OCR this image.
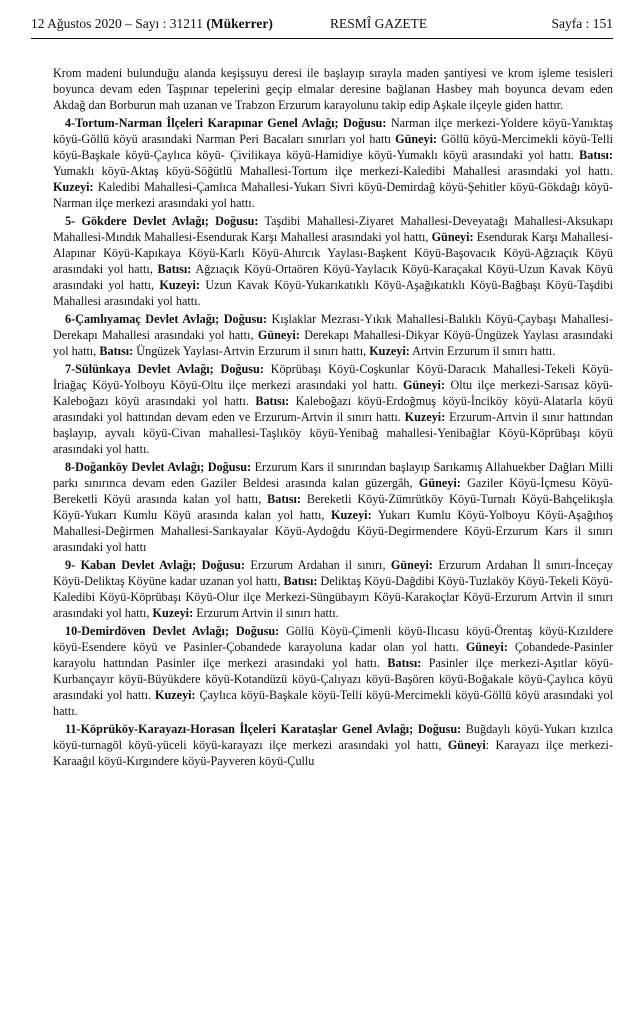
12 Ağustos 2020 – Sayı : 31211 (Mükerrer)	RESMÎ GAZETE	Sayfa : 151

Krom madeni bulunduğu alanda keşişsuyu deresi ile başlayıp sırayla maden şantiyesi ve krom işleme tesisleri boyunca devam eden Taşpınar tepelerini geçip elmalar deresine bağlanan Hasbey mah boyunca devam eden Akdağ dan Borburun mah uzanan ve Trabzon Erzurum karayolunu takip edip Aşkale ilçeyle giden hattır.

4-Tortum-Narman İlçeleri Karapınar Genel Avlağı; Doğusu: Narman ilçe merkezi-Yoldere köyü-Yanıktaş köyü-Göllü köyü arasındaki Narman Peri Bacaları sınırları yol hattı Güneyi: Göllü köyü-Mercimekli köyü-Telli köyü-Başkale köyü-Çaylıca köyü- Çivilikaya köyü-Hamidiye köyü-Yumaklı köyü arasındaki yol hattı. Batısı: Yumaklı köyü-Aktaş köyü-Söğütlü Mahallesi-Tortum ilçe merkezi-Kaledibi Mahallesi arasındaki yol hattı. Kuzeyi: Kaledibi Mahallesi-Çamlıca Mahallesi-Yukarı Sivri köyü-Demirdağ köyü-Şehitler köyü-Gökdağı köyü-Narman ilçe merkezi arasındaki yol hattı.

5- Gökdere Devlet Avlağı; Doğusu: Taşdibi Mahallesi-Ziyaret Mahallesi-Deveyatağı Mahallesi-Aksukapı Mahallesi-Mındık Mahallesi-Esendurak Karşı Mahallesi arasındaki yol hattı, Güneyi: Esendurak Karşı Mahallesi-Alapınar Köyü-Kapıkaya Köyü-Karlı Köyü-Ahırcık Yaylası-Başkent Köyü-Başovacık Köyü-Ağzıaçık Köyü arasındaki yol hattı, Batısı: Ağzıaçık Köyü-Ortaören Köyü-Yaylacık Köyü-Karaçakal Köyü-Uzun Kavak Köyü arasındaki yol hattı, Kuzeyi: Uzun Kavak Köyü-Yukarıkatıklı Köyü-Aşağıkatıklı Köyü-Bağbaşı Köyü-Taşdibi Mahallesi arasındaki yol hattı.

6-Çamlıyamaç Devlet Avlağı; Doğusu: Kışlaklar Mezrası-Yıkık Mahallesi-Balıklı Köyü-Çaybaşı Mahallesi-Derekapı Mahallesi arasındaki yol hattı, Güneyi: Derekapı Mahallesi-Dikyar Köyü-Üngüzek Yaylası arasındaki yol hattı, Batısı: Üngüzek Yaylası-Artvin Erzurum il sınırı hattı, Kuzeyi: Artvin Erzurum il sınırı hattı.

7-Sülünkaya Devlet Avlağı; Doğusu: Köprübaşı Köyü-Coşkunlar Köyü-Daracık Mahallesi-Tekeli Köyü-İriağaç Köyü-Yolboyu Köyü-Oltu ilçe merkezi arasındaki yol hattı. Güneyi: Oltu ilçe merkezi-Sarısaz köyü-Kaleboğazı köyü arasındaki yol hattı. Batısı: Kaleboğazı köyü-Erdoğmuş köyü-İnciköy köyü-Alatarla köyü arasındaki yol hattından devam eden ve Erzurum-Artvin il sınırı hattı. Kuzeyi: Erzurum-Artvin il sınır hattından başlayıp, ayvalı köyü-Civan mahallesi-Taşlıköy köyü-Yenibağ mahallesi-Yenibağlar Köyü-Köprübaşı köyü arasındaki yol hattı.

8-Doğanköy Devlet Avlağı; Doğusu: Erzurum Kars il sınırından başlayıp Sarıkamış Allahuekber Dağları Milli parkı sınırınca devam eden Gaziler Beldesi arasında kalan güzergâh, Güneyi: Gaziler Köyü-İçmesu Köyü-Bereketli Köyü arasında kalan yol hattı, Batısı: Bereketli Köyü-Zümrütköy Köyü-Turnalı Köyü-Bahçelikışla Köyü-Yukarı Kumlu Köyü arasında kalan yol hattı, Kuzeyi: Yukarı Kumlu Köyü-Yolboyu Köyü-Aşağıhoş Mahallesi-Değirmen Mahallesi-Sarıkayalar Köyü-Aydoğdu Köyü-Degirmendere Köyü-Erzurum Kars il sınırı arasındaki yol hattı

9- Kaban Devlet Avlağı; Doğusu: Erzurum Ardahan il sınırı, Güneyi: Erzurum Ardahan İl sınırı-İnceçay Köyü-Deliktaş Köyüne kadar uzanan yol hattı, Batısı: Deliktaş Köyü-Dağdibi Köyü-Tuzlaköy Köyü-Tekeli Köyü-Kaledibi Köyü-Köprübaşı Köyü-Olur ilçe Merkezi-Süngübayırı Köyü-Karakoçlar Köyü-Erzurum Artvin il sınırı arasındaki yol hattı, Kuzeyi: Erzurum Artvin il sınırı hattı.

10-Demirdöven Devlet Avlağı; Doğusu: Göllü Köyü-Çimenli köyü-Ilıcasu köyü-Örentaş köyü-Kızıldere köyü-Esendere köyü ve Pasinler-Çobandede karayoluna kadar olan yol hattı. Güneyi: Çobandede-Pasinler karayolu hattından Pasinler ilçe merkezi arasındaki yol hattı. Batısı: Pasinler ilçe merkezi-Aşıtlar köyü-Kurbançayır köyü-Büyükdere köyü-Kotandüzü köyü-Çalıyazı köyü-Başören köyü-Boğakale köyü-Çaylıca köyü arasındaki yol hattı. Kuzeyi: Çaylıca köyü-Başkale köyü-Telli köyü-Mercimekli köyü-Göllü köyü arasındaki yol hattı.

11-Köprüköy-Karayazı-Horasan İlçeleri Karataşlar Genel Avlağı; Doğusu: Buğdaylı köyü-Yukarı kızılca köyü-turnagöl köyü-yüceli köyü-karayazı ilçe merkezi arasındaki yol hattı, Güneyi: Karayazı ilçe merkezi-Karaağıl köyü-Kırgındere köyü-Payveren köyü-Çullu
